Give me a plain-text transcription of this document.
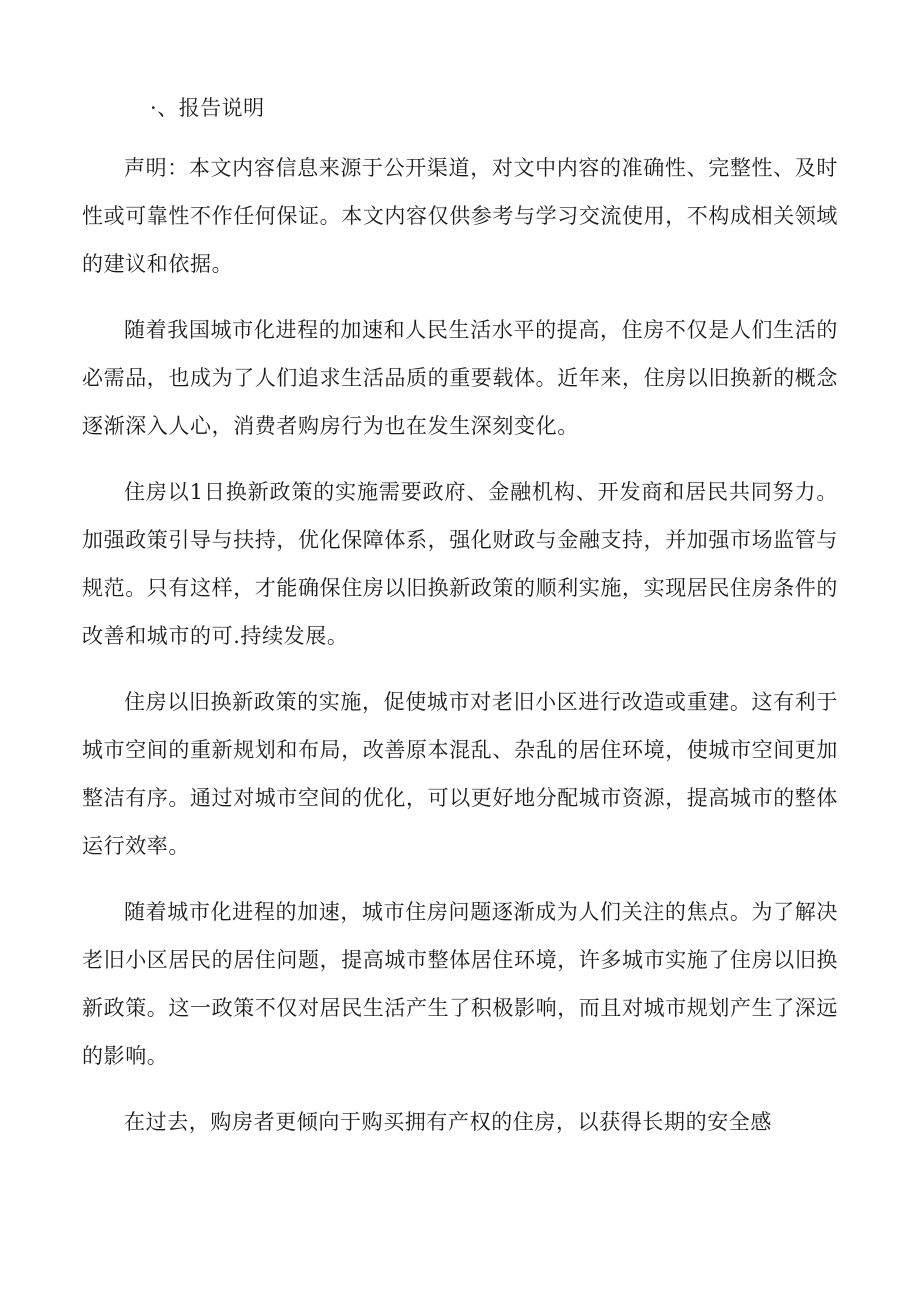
·、报告说明

声明：本文内容信息来源于公开渠道，对文中内容的准确性、完整性、及时性或可靠性不作任何保证。本文内容仅供参考与学习交流使用，不构成相关领域的建议和依据。

随着我国城市化进程的加速和人民生活水平的提高，住房不仅是人们生活的必需品，也成为了人们追求生活品质的重要载体。近年来，住房以旧换新的概念逐渐深入人心，消费者购房行为也在发生深刻变化。

住房以1日换新政策的实施需要政府、金融机构、开发商和居民共同努力。加强政策引导与扶持，优化保障体系，强化财政与金融支持，并加强市场监管与规范。只有这样，才能确保住房以旧换新政策的顺利实施，实现居民住房条件的改善和城市的可.持续发展。

住房以旧换新政策的实施，促使城市对老旧小区进行改造或重建。这有利于城市空间的重新规划和布局，改善原本混乱、杂乱的居住环境，使城市空间更加整洁有序。通过对城市空间的优化，可以更好地分配城市资源，提高城市的整体运行效率。

随着城市化进程的加速，城市住房问题逐渐成为人们关注的焦点。为了解决老旧小区居民的居住问题，提高城市整体居住环境，许多城市实施了住房以旧换新政策。这一政策不仅对居民生活产生了积极影响，而且对城市规划产生了深远的影响。

在过去，购房者更倾向于购买拥有产权的住房，以获得长期的安全感
